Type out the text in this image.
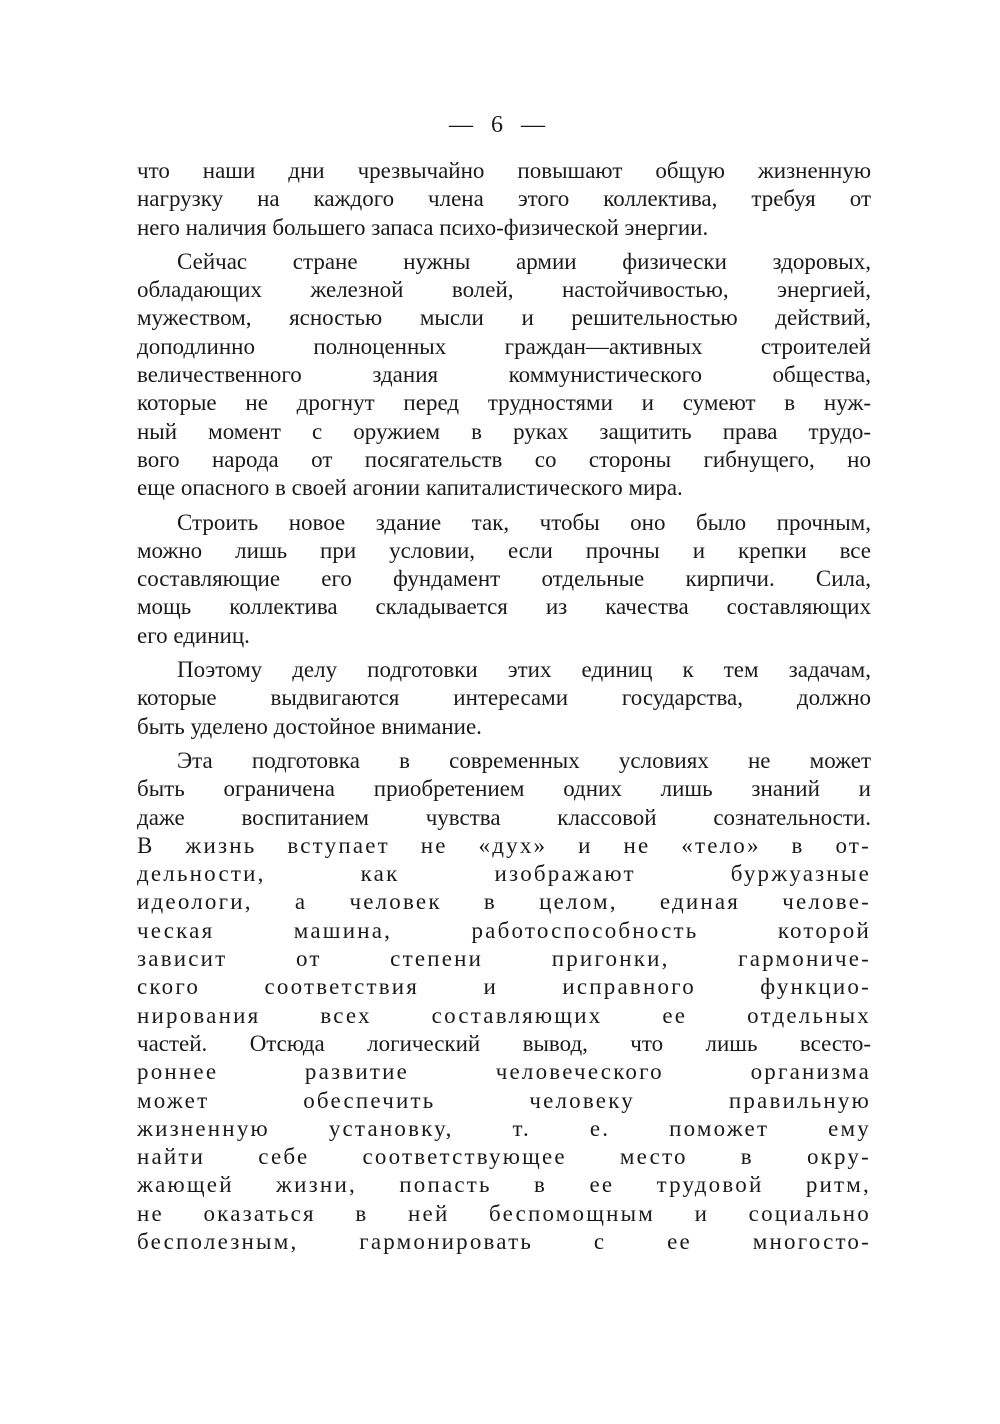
— 6 —
что наши дни чрезвычайно повышают общую жизненную
нагрузку на каждого члена этого коллектива, требуя от
него наличия большего запаса психо-физической энергии.
Сейчас стране нужны армии физически здоровых,
обладающих железной волей, настойчивостью, энергией,
мужеством, ясностью мысли и решительностью действий,
доподлинно полноценных граждан—активных строителей
величественного здания коммунистического общества,
которые не дрогнут перед трудностями и сумеют в нуж-
ный момент с оружием в руках защитить права трудо-
вого народа от посягательств со стороны гибнущего, но
еще опасного в своей агонии капиталистического мира.
Строить новое здание так, чтобы оно было прочным,
можно лишь при условии, если прочны и крепки все
составляющие его фундамент отдельные кирпичи. Сила,
мощь коллектива складывается из качества составляющих
его единиц.
Поэтому делу подготовки этих единиц к тем задачам,
которые выдвигаются интересами государства, должно
быть уделено достойное внимание.
Эта подготовка в современных условиях не может
быть ограничена приобретением одних лишь знаний и
даже воспитанием чувства классовой сознательности.
В жизнь вступает не «дух» и не «тело» в от-
дельности, как изображают буржуазные
идеологи, а человек в целом, единая челове-
ческая машина, работоспособность которой
зависит от степени пригонки, гармониче-
ского соответствия и исправного функцио-
нирования всех составляющих ее отдельных
частей. Отсюда логический вывод, что лишь всесто-
роннее развитие человеческого организма
может обеспечить человеку правильную
жизненную установку, т. е. поможет ему
найти себе соответствующее место в окру-
жающей жизни, попасть в ее трудовой ритм,
не оказаться в ней беспомощным и социально
бесполезным, гармонировать с ее многосто-
